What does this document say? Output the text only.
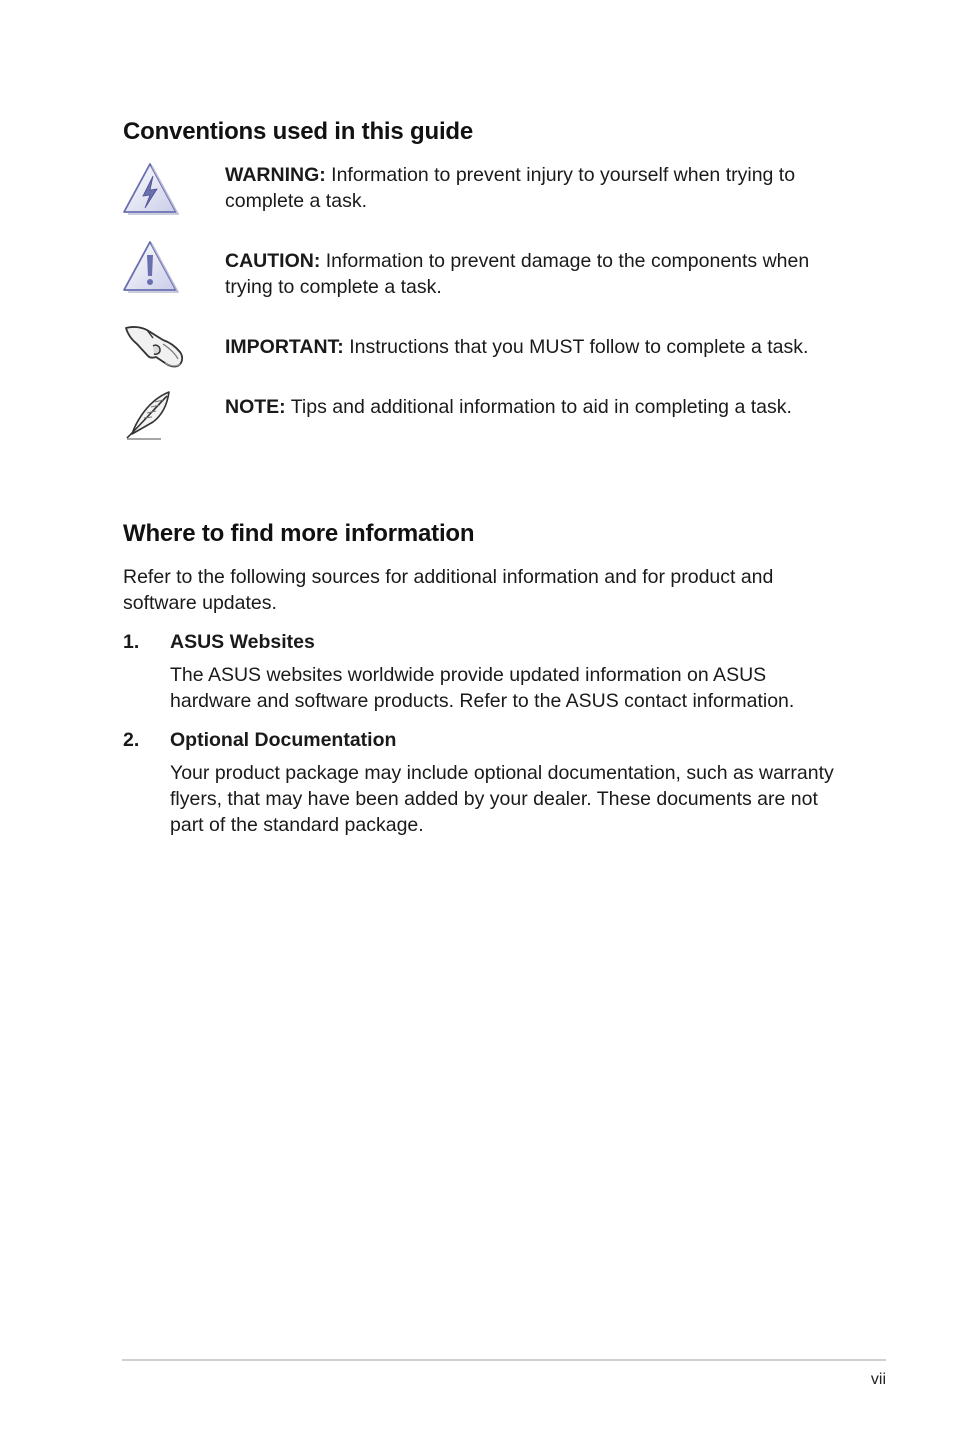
Conventions used in this guide
WARNING: Information to prevent injury to yourself when trying to complete a task.
CAUTION: Information to prevent damage to the components when trying to complete a task.
IMPORTANT: Instructions that you MUST follow to complete a task.
NOTE: Tips and additional information to aid in completing a task.
Where to find more information

Refer to the following sources for additional information and for product and software updates.

1. ASUS Websites

The ASUS websites worldwide provide updated information on ASUS hardware and software products. Refer to the ASUS contact information.

2. Optional Documentation

Your product package may include optional documentation, such as warranty flyers, that may have been added by your dealer. These documents are not part of the standard package.

vii
